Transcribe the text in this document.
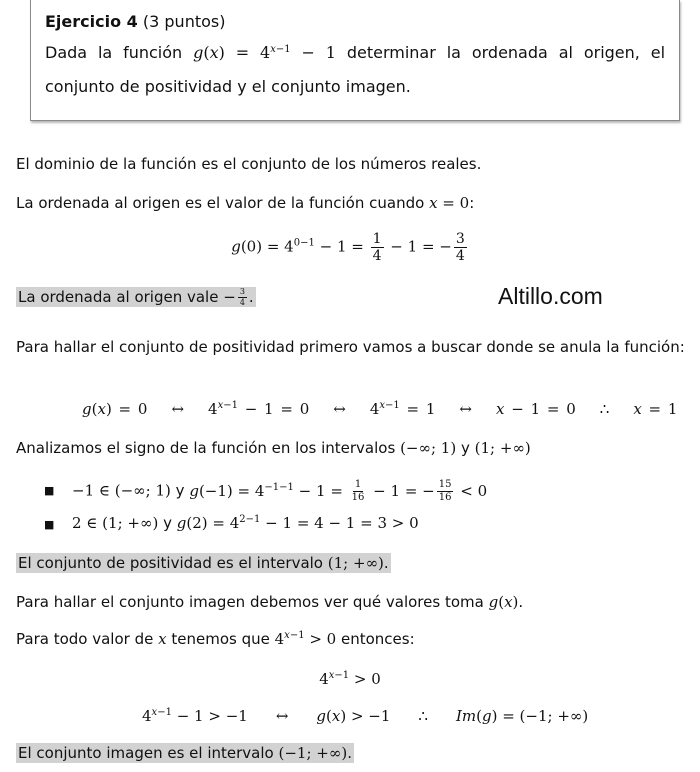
Ejercicio 4 (3 puntos)
Dada la función $g(x) = 4^{x-1} - 1$ determinar la ordenada al origen, el
conjunto de positividad y el conjunto imagen.
El dominio de la función es el conjunto de los números reales.
La ordenada al origen es el valor de la función cuando x = 0:
$g(0) = 4^{0-1} - 1 = \frac{1}{4} - 1$ = − $\frac{3}{4}$
La ordenada al origen vale − $\frac{3}{4}$ .	Altillo.com
Para hallar el conjunto de positividad primero vamos a buscar donde se anula la función:
g(x) = 0 ↔ $4^{x-1} - 1 = 0$ ↔ $4^{x-1} = 1$ ↔ x − 1 = 0 ∴ x = 1
Analizamos el signo de la función en los intervalos (−∞; 1) y (1; +∞)
■ −1 ∈ (−∞; 1) y $g(-1) = 4^{-1-1} - 1 = \frac{1}{16} - 1$ = − $\frac{15}{16} < 0$
■ 2 ∈ (1; +∞) y $g(2) = 4^{2-1} - 1 = 4 - 1 = 3 > 0$
El conjunto de positividad es el intervalo (1; +∞).
Para hallar el conjunto imagen debemos ver qué valores toma g(x).
Para todo valor de x tenemos que $4^{x-1} > 0$ entonces:
$4^{x-1} > 0$
$4^{x-1} - 1 > -1$ ↔ g(x) > −1 ∴ Im(g) = (−1; +∞)
El conjunto imagen es el intervalo (−1; +∞).
